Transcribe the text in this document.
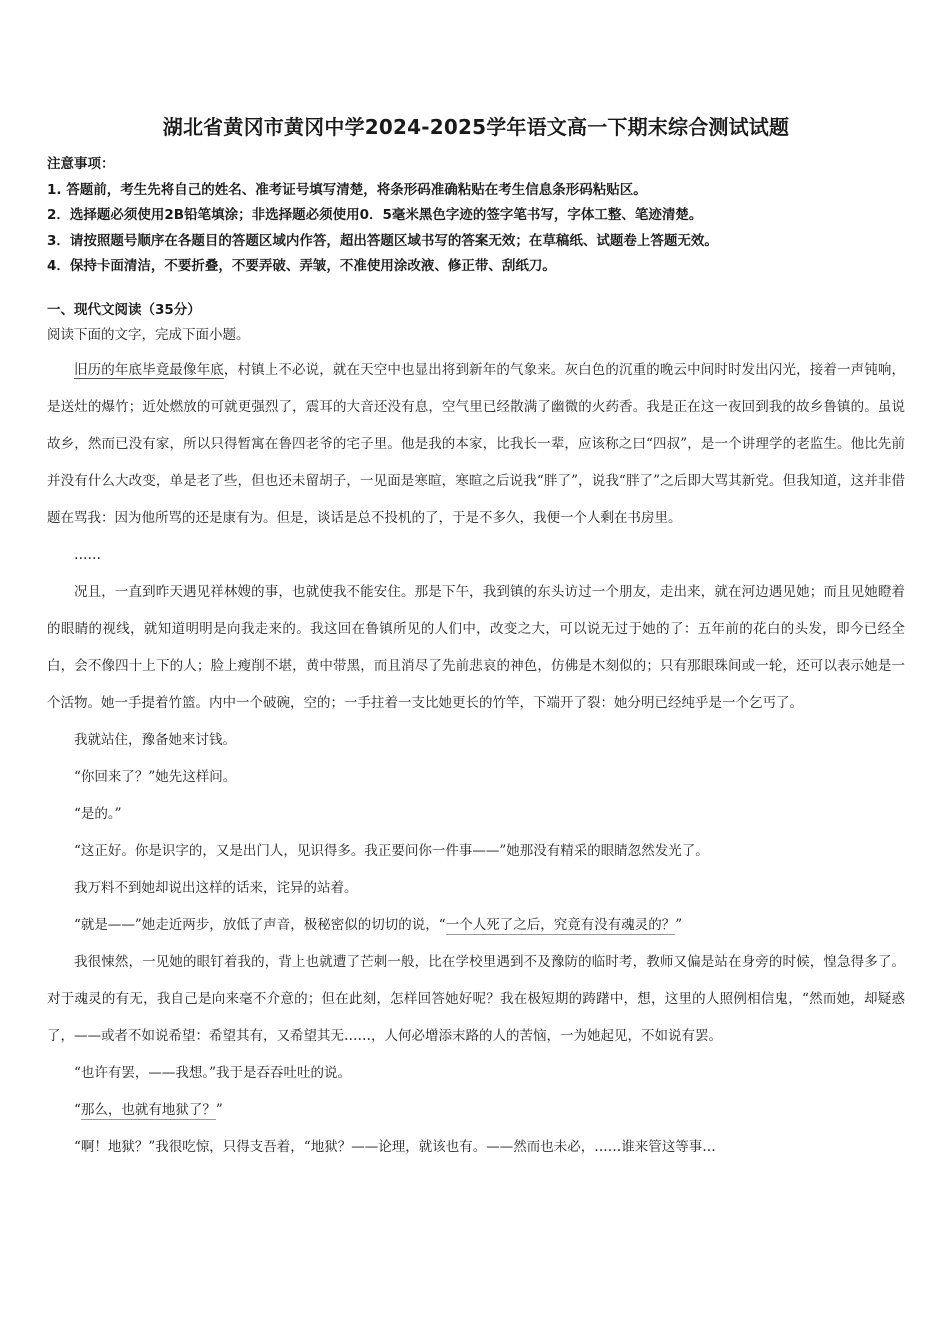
湖北省黄冈市黄冈中学2024-2025学年语文高一下期末综合测试试题
注意事项：
1. 答题前，考生先将自己的姓名、准考证号填写清楚，将条形码准确粘贴在考生信息条形码粘贴区。
2．选择题必须使用2B铅笔填涂；非选择题必须使用0．5毫米黑色字迹的签字笔书写，字体工整、笔迹清楚。
3．请按照题号顺序在各题目的答题区域内作答，超出答题区域书写的答案无效；在草稿纸、试题卷上答题无效。
4．保持卡面清洁，不要折叠，不要弄破、弄皱，不准使用涂改液、修正带、刮纸刀。
一、现代文阅读（35分）
阅读下面的文字，完成下面小题。

旧历的年底毕竟最像年底，村镇上不必说，就在天空中也显出将到新年的气象来。灰白色的沉重的晚云中间时时发出闪光，接着一声钝响，是送灶的爆竹；近处燃放的可就更强烈了，震耳的大音还没有息，空气里已经散满了幽微的火药香。我是正在这一夜回到我的故乡鲁镇的。虽说故乡，然而已没有家，所以只得暂寓在鲁四老爷的宅子里。他是我的本家，比我长一辈，应该称之曰“四叔”，是一个讲理学的老监生。他比先前并没有什么大改变，单是老了些，但也还未留胡子，一见面是寒暄，寒暄之后说我“胖了”，说我“胖了”之后即大骂其新党。但我知道，这并非借题在骂我：因为他所骂的还是康有为。但是，谈话是总不投机的了，于是不多久，我便一个人剩在书房里。

……

况且，一直到昨天遇见祥林嫂的事，也就使我不能安住。那是下午，我到镇的东头访过一个朋友，走出来，就在河边遇见她；而且见她瞪着的眼睛的视线，就知道明明是向我走来的。我这回在鲁镇所见的人们中，改变之大，可以说无过于她的了：五年前的花白的头发，即今已经全白，会不像四十上下的人；脸上瘦削不堪，黄中带黑，而且消尽了先前悲哀的神色，仿佛是木刻似的；只有那眼珠间或一轮，还可以表示她是一个活物。她一手提着竹篮。内中一个破碗，空的；一手拄着一支比她更长的竹竿，下端开了裂：她分明已经纯乎是一个乞丐了。

我就站住，豫备她来讨钱。

“你回来了？”她先这样问。

“是的。”

“这正好。你是识字的，又是出门人，见识得多。我正要问你一件事——”她那没有精采的眼睛忽然发光了。

我万料不到她却说出这样的话来，诧异的站着。

“就是——”她走近两步，放低了声音，极秘密似的切切的说，“一个人死了之后，究竟有没有魂灵的？”

我很悚然，一见她的眼钉着我的，背上也就遭了芒刺一般，比在学校里遇到不及豫防的临时考，教师又偏是站在身旁的时候，惶急得多了。对于魂灵的有无，我自己是向来毫不介意的；但在此刻，怎样回答她好呢？我在极短期的踌躇中，想，这里的人照例相信鬼，“然而她，却疑惑了，——或者不如说希望：希望其有，又希望其无……，人何必增添末路的人的苦恼，一为她起见，不如说有罢。

“也许有罢，——我想。”我于是吞吞吐吐的说。

“那么，也就有地狱了？”

“啊！地狱？”我很吃惊，只得支吾着，“地狱？——论理，就该也有。——然而也未必，……谁来管这等事…
